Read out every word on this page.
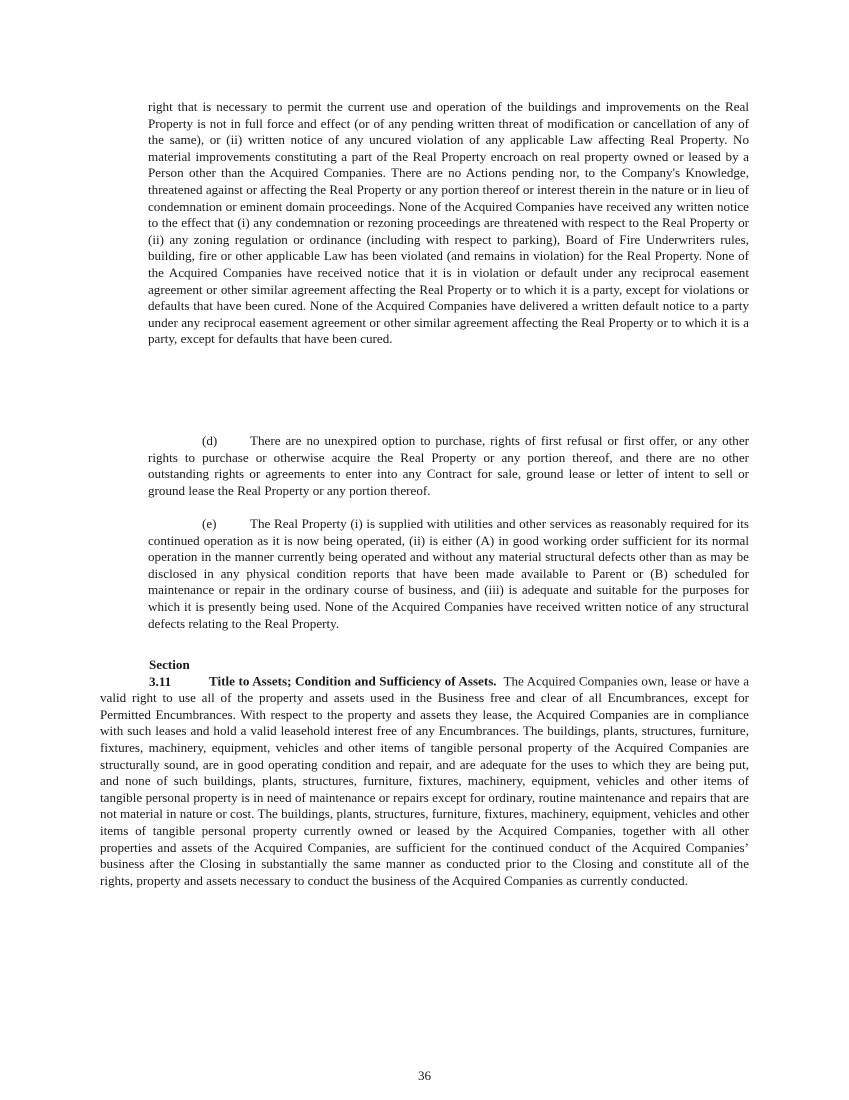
right that is necessary to permit the current use and operation of the buildings and improvements on the Real Property is not in full force and effect (or of any pending written threat of modification or cancellation of any of the same), or (ii) written notice of any uncured violation of any applicable Law affecting Real Property. No material improvements constituting a part of the Real Property encroach on real property owned or leased by a Person other than the Acquired Companies. There are no Actions pending nor, to the Company's Knowledge, threatened against or affecting the Real Property or any portion thereof or interest therein in the nature or in lieu of condemnation or eminent domain proceedings. None of the Acquired Companies have received any written notice to the effect that (i) any condemnation or rezoning proceedings are threatened with respect to the Real Property or (ii) any zoning regulation or ordinance (including with respect to parking), Board of Fire Underwriters rules, building, fire or other applicable Law has been violated (and remains in violation) for the Real Property. None of the Acquired Companies have received notice that it is in violation or default under any reciprocal easement agreement or other similar agreement affecting the Real Property or to which it is a party, except for violations or defaults that have been cured. None of the Acquired Companies have delivered a written default notice to a party under any reciprocal easement agreement or other similar agreement affecting the Real Property or to which it is a party, except for defaults that have been cured.

(d) There are no unexpired option to purchase, rights of first refusal or first offer, or any other rights to purchase or otherwise acquire the Real Property or any portion thereof, and there are no other outstanding rights or agreements to enter into any Contract for sale, ground lease or letter of intent to sell or ground lease the Real Property or any portion thereof.

(e)	The Real Property (i) is supplied with utilities and other services as reasonably required for its continued operation as it is now being operated, (ii) is either (A) in good working order sufficient for its normal operation in the manner currently being operated and without any material structural defects other than as may be disclosed in any physical condition reports that have been made available to Parent or (B) scheduled for maintenance or repair in the ordinary course of business, and (iii) is adequate and suitable for the purposes for which it is presently being used. None of the Acquired Companies have received written notice of any structural defects relating to the Real Property.

Section 3.11	Title to Assets; Condition and Sufficiency of Assets. The Acquired Companies own, lease or have a valid right to use all of the property and assets used in the Business free and clear of all Encumbrances, except for Permitted Encumbrances. With respect to the property and assets they lease, the Acquired Companies are in compliance with such leases and hold a valid leasehold interest free of any Encumbrances. The buildings, plants, structures, furniture, fixtures, machinery, equipment, vehicles and other items of tangible personal property of the Acquired Companies are structurally sound, are in good operating condition and repair, and are adequate for the uses to which they are being put, and none of such buildings, plants, structures, furniture, fixtures, machinery, equipment, vehicles and other items of tangible personal property is in need of maintenance or repairs except for ordinary, routine maintenance and repairs that are not material in nature or cost. The buildings, plants, structures, furniture, fixtures, machinery, equipment, vehicles and other items of tangible personal property currently owned or leased by the Acquired Companies, together with all other properties and assets of the Acquired Companies, are sufficient for the continued conduct of the Acquired Companies’ business after the Closing in substantially the same manner as conducted prior to the Closing and constitute all of the rights, property and assets necessary to conduct the business of the Acquired Companies as currently conducted.

36
